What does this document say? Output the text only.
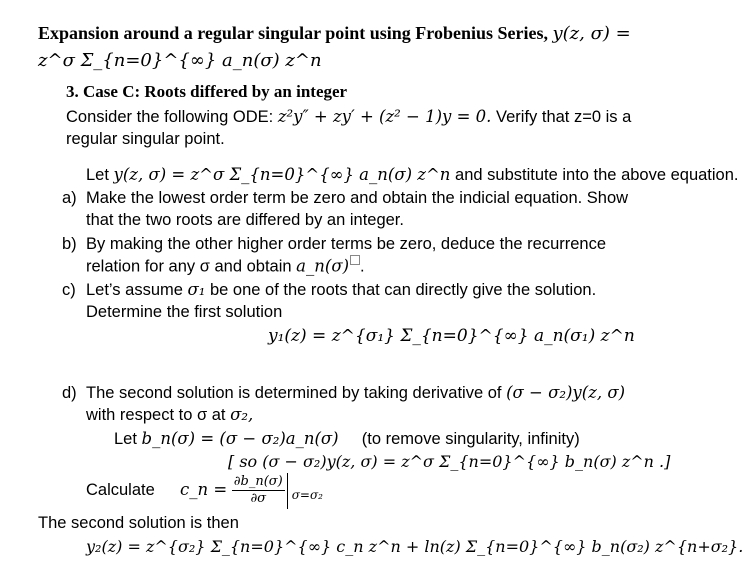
Expansion around a regular singular point using Frobenius Series, y(z, σ) =
z^σ Σ_{n=0}^{∞} a_n(σ) z^n
3. Case C: Roots differed by an integer
Consider the following ODE: z²y″ + zy′ + (z² − 1)y = 0. Verify that z=0 is a
regular singular point.
Let y(z, σ) = z^σ Σ_{n=0}^{∞} a_n(σ) z^n and substitute into the above equation.
a) Make the lowest order term be zero and obtain the indicial equation. Show
that the two roots are differed by an integer.
b) By making the other higher order terms be zero, deduce the recurrence
relation for any σ and obtain a_n(σ) .
c) Let’s assume σ₁ be one of the roots that can directly give the solution.
Determine the first solution
y₁(z) = z^{σ₁} Σ_{n=0}^{∞} a_n(σ₁) z^n
d) The second solution is determined by taking derivative of (σ − σ₂)y(z, σ)
with respect to σ at σ₂,
Let b_n(σ) = (σ − σ₂)a_n(σ) (to remove singularity, infinity)
[ so (σ − σ₂)y(z, σ) = z^σ Σ_{n=0}^{∞} b_n(σ) z^n .]
Calculate c_n = $\frac{\partial b\_n(\sigma)}{\partial\sigma} \sigma=\sigma_2$
The second solution is then
y₂(z) = z^{σ₂} Σ_{n=0}^{∞} c_n z^n + ln(z) Σ_{n=0}^{∞} b_n(σ₂) z^{n+σ₂}.
